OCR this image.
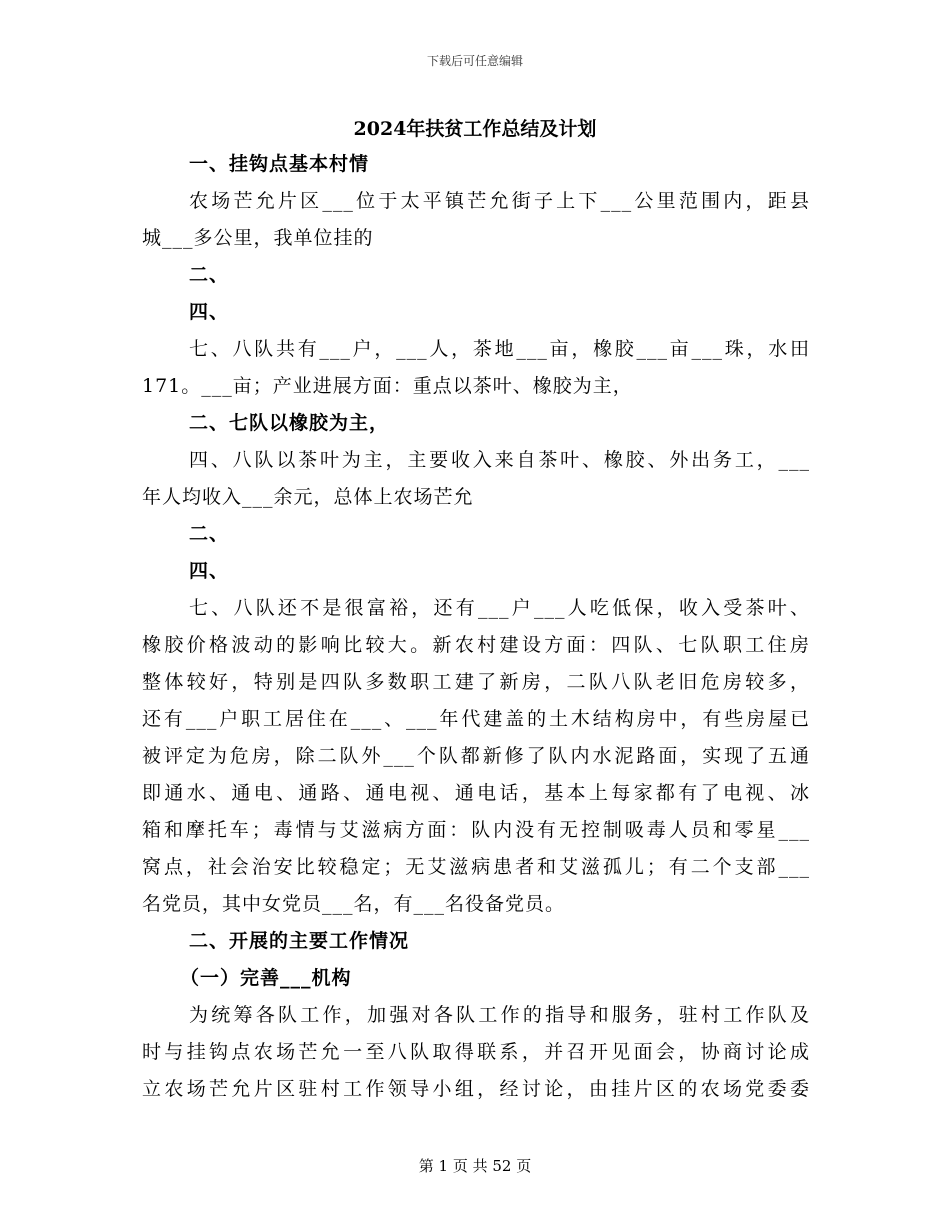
下载后可任意编辑
2024年扶贫工作总结及计划
一、挂钩点基本村情
农场芒允片区___位于太平镇芒允街子上下___公里范围内，距县
城___多公里，我单位挂的
二、
四、
七、八队共有___户，___人，茶地___亩，橡胶___亩___珠，水田
171。___亩；产业进展方面：重点以茶叶、橡胶为主，
二、七队以橡胶为主，
四、八队以茶叶为主，主要收入来自茶叶、橡胶、外出务工，___
年人均收入___余元，总体上农场芒允
二、
四、
七、八队还不是很富裕，还有___户___人吃低保，收入受茶叶、
橡胶价格波动的影响比较大。新农村建设方面：四队、七队职工住房
整体较好，特别是四队多数职工建了新房，二队八队老旧危房较多，
还有___户职工居住在___、___年代建盖的土木结构房中，有些房屋已
被评定为危房，除二队外___个队都新修了队内水泥路面，实现了五通
即通水、通电、通路、通电视、通电话，基本上每家都有了电视、冰
箱和摩托车；毒情与艾滋病方面：队内没有无控制吸毒人员和零星___
窝点，社会治安比较稳定；无艾滋病患者和艾滋孤儿；有二个支部___
名党员，其中女党员___名，有___名役备党员。
二、开展的主要工作情况
（一）完善___机构
为统筹各队工作，加强对各队工作的指导和服务，驻村工作队及
时与挂钩点农场芒允一至八队取得联系，并召开见面会，协商讨论成
立农场芒允片区驻村工作领导小组，经讨论，由挂片区的农场党委委
第 1 页 共 52 页
